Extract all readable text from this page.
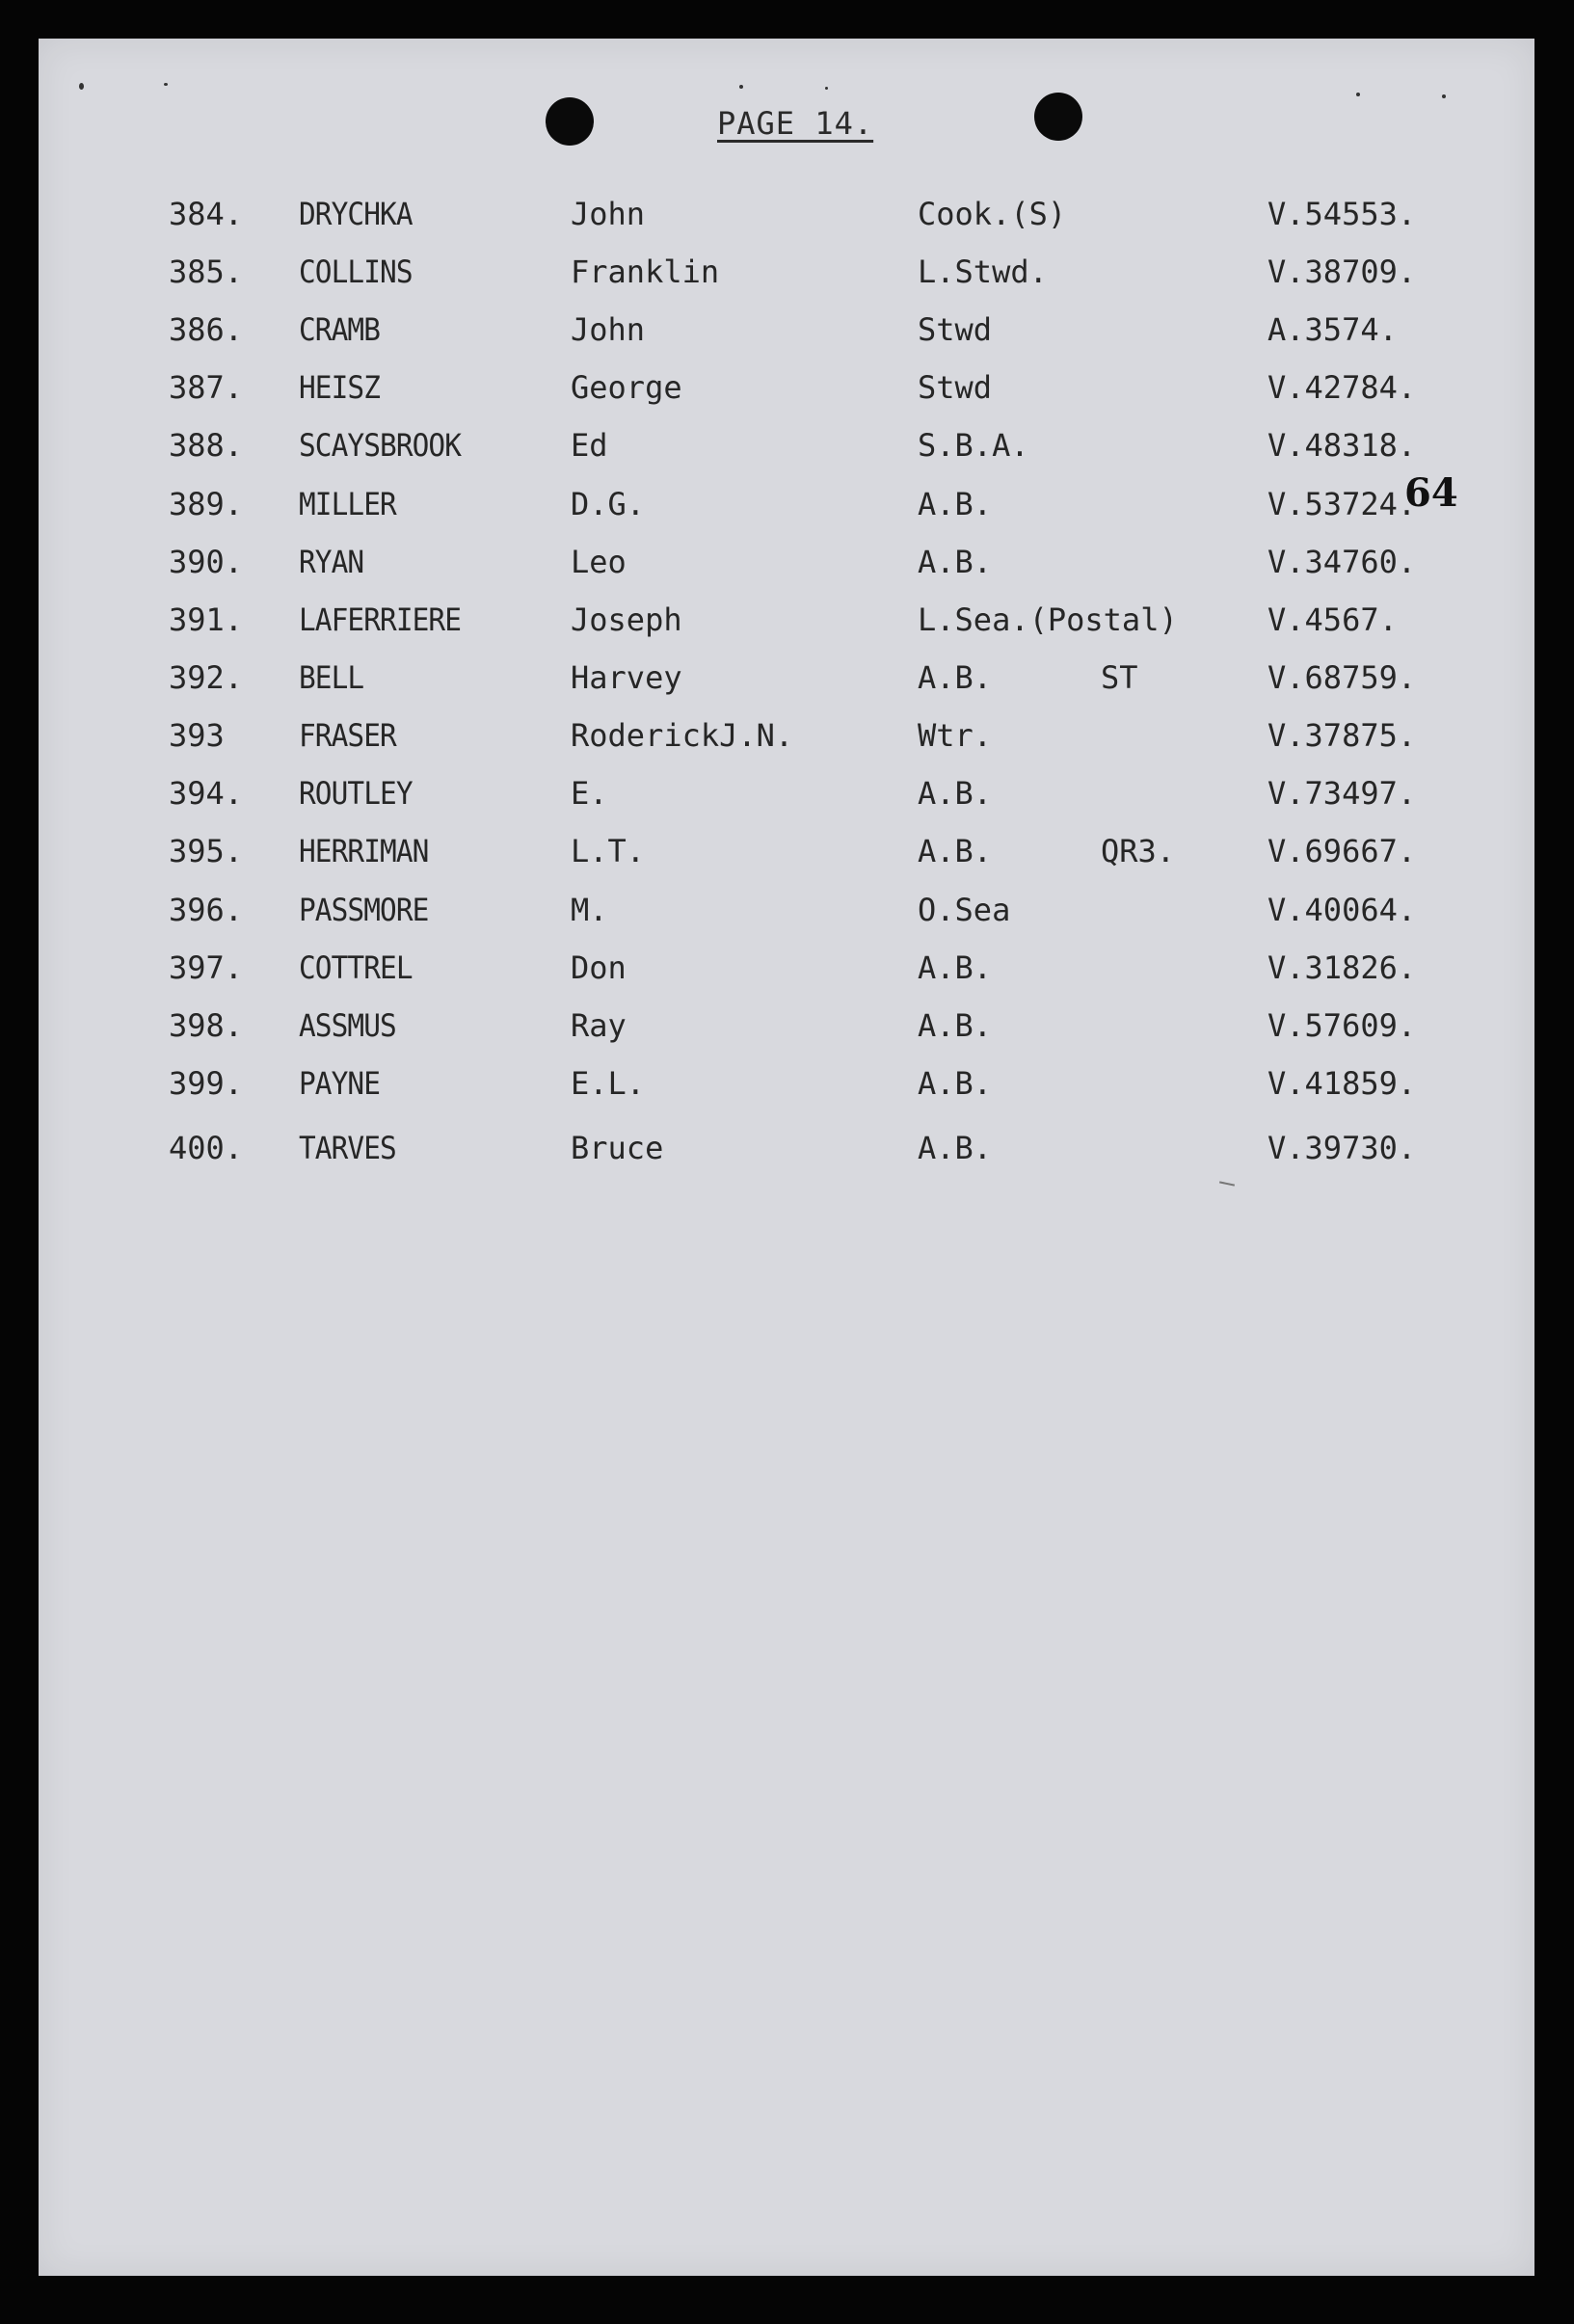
PAGE 14.
64
384. DRYCHKA	John	Cook.(S)	V.54553.
385. COLLINS	Franklin	L.Stwd.	V.38709.
386. CRAMB	John	Stwd	A.3574.
387. HEISZ	George	Stwd	V.42784.
388. SCAYSBROOK	Ed	S.B.A.	V.48318.
389. MILLER	D.G.	A.B.	V.53724.
390. RYAN	Leo	A.B.	V.34760.
391. LAFERRIERE	Joseph	L.Sea.(Postal)	V.4567.
392. BELL	Harvey	A.B.	ST	V.68759.
393 FRASER	RoderickJ.N.	Wtr.	V.37875.
394. ROUTLEY	E.	A.B.	V.73497.
395. HERRIMAN	L.T.	A.B.	QR3.	V.69667.
396. PASSMORE	M.	O.Sea	V.40064.
397. COTTREL	Don	A.B.	V.31826.
398. ASSMUS	Ray	A.B.	V.57609.
399. PAYNE	E.L.	A.B.	V.41859.
400. TARVES	Bruce	A.B.	V.39730.
